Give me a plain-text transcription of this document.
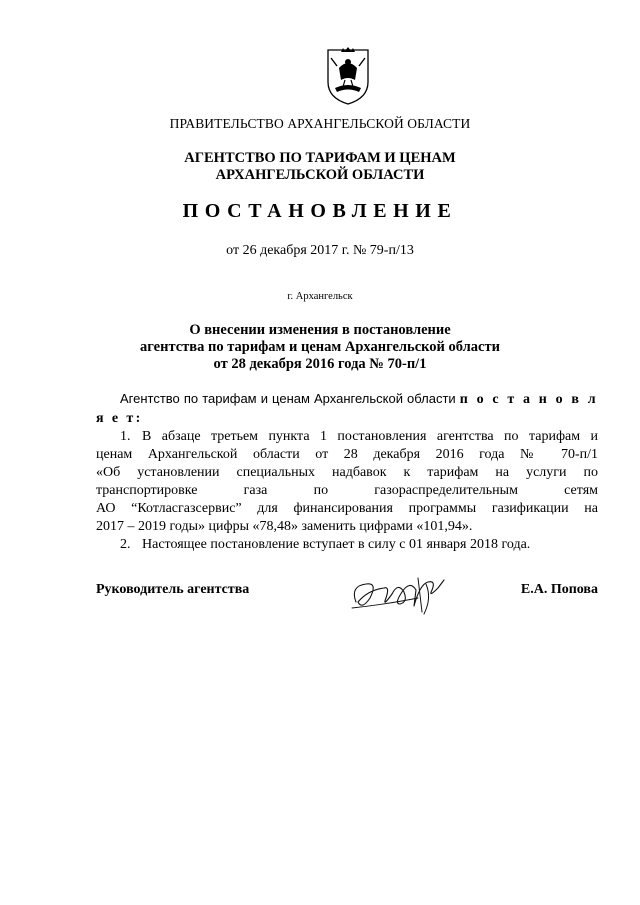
ПРАВИТЕЛЬСТВО АРХАНГЕЛЬСКОЙ ОБЛАСТИ
АГЕНТСТВО ПО ТАРИФАМ И ЦЕНАМ
АРХАНГЕЛЬСКОЙ ОБЛАСТИ
ПОСТАНОВЛЕНИЕ
от 26 декабря 2017 г. № 79-п/13
г. Архангельск
О внесении изменения в постановление
агентства по тарифам и ценам Архангельской области
от 28 декабря 2016 года № 70-п/1

Агентство по тарифам и ценам Архангельской области п о с т а н о в л я е т:

1. В абзаце третьем пункта 1 постановления агентства по тарифам и

ценам Архангельской области от 28 декабря 2016 года № 70-п/1

«Об установлении специальных надбавок к тарифам на услуги по

транспортировке газа по газораспределительным сетям

АО “Котласгазсервис” для финансирования программы газификации на

2017 – 2019 годы» цифры «78,48» заменить цифрами «101,94».

2. Настоящее постановление вступает в силу с 01 января 2018 года.

Руководитель агентства	Е.А. Попова
